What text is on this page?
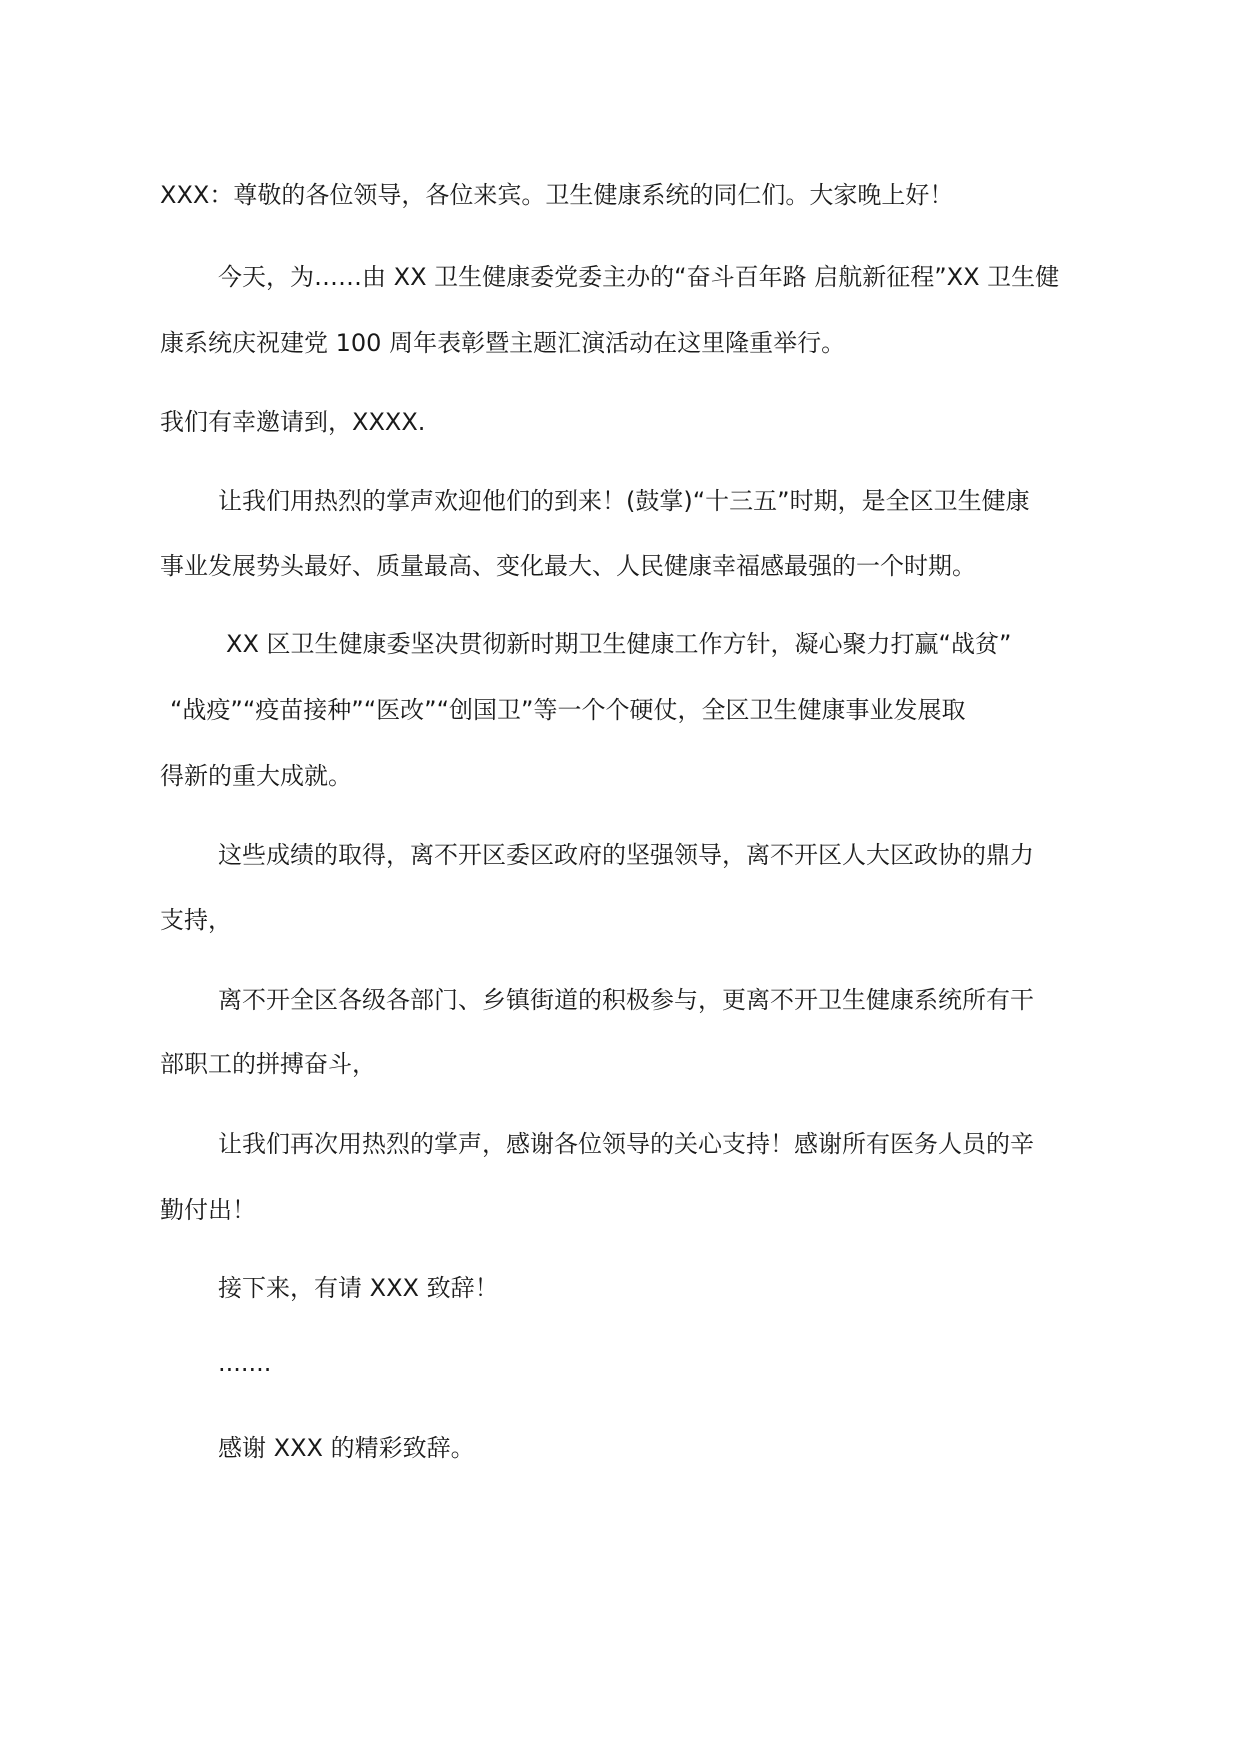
XXX：尊敬的各位领导，各位来宾。卫生健康系统的同仁们。大家晚上好！
今天，为……由 XX 卫生健康委党委主办的“奋斗百年路 启航新征程”XX 卫生健
康系统庆祝建党 100 周年表彰暨主题汇演活动在这里隆重举行。
我们有幸邀请到，XXXX.
让我们用热烈的掌声欢迎他们的到来！(鼓掌)“十三五”时期，是全区卫生健康
事业发展势头最好、质量最高、变化最大、人民健康幸福感最强的一个时期。
XX 区卫生健康委坚决贯彻新时期卫生健康工作方针，凝心聚力打赢“战贫”
“战疫”“疫苗接种”“医改”“创国卫”等一个个硬仗，全区卫生健康事业发展取
得新的重大成就。
这些成绩的取得，离不开区委区政府的坚强领导，离不开区人大区政协的鼎力
支持，
离不开全区各级各部门、乡镇街道的积极参与，更离不开卫生健康系统所有干
部职工的拼搏奋斗，
让我们再次用热烈的掌声，感谢各位领导的关心支持！感谢所有医务人员的辛
勤付出！
接下来，有请 XXX 致辞！
.......
感谢 XXX 的精彩致辞。
